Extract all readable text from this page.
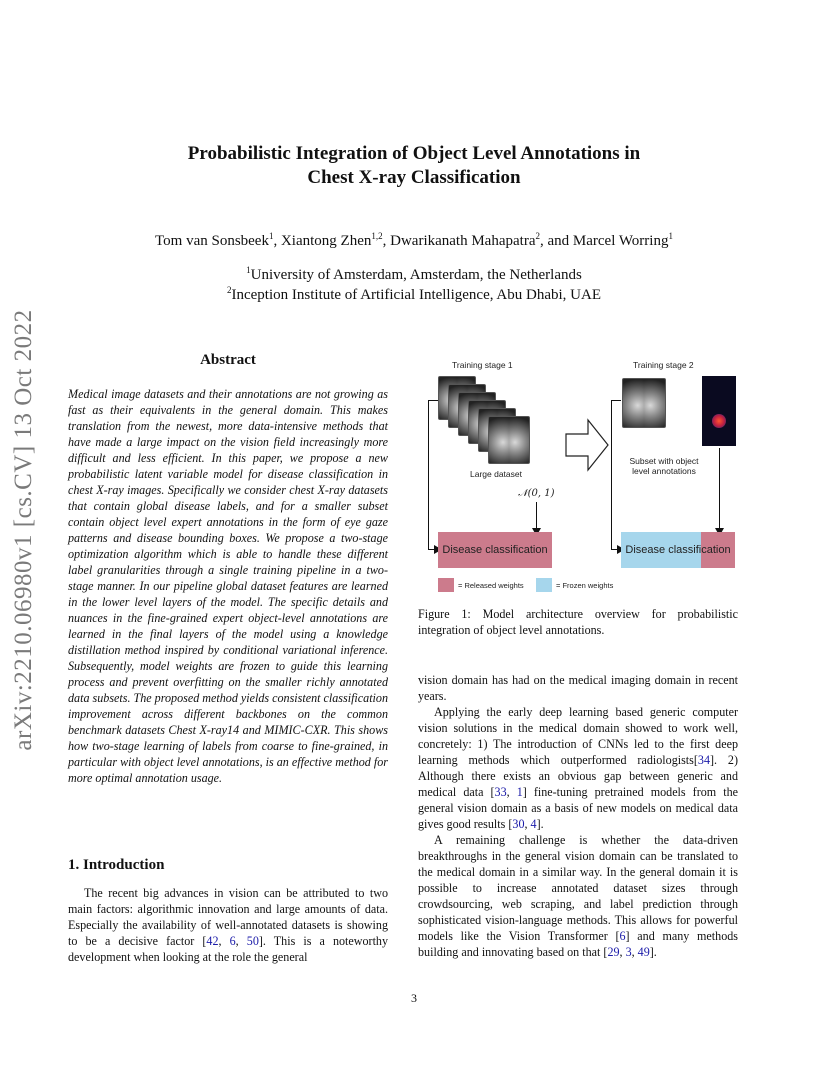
arXiv:2210.06980v1 [cs.CV] 13 Oct 2022
Probabilistic Integration of Object Level Annotations in
Chest X-ray Classification
Tom van Sonsbeek$^1$, Xiantong Zhen$^{1,2}$, Dwarikanath Mahapatra$^2$, and Marcel Worring$^1$
$^1$University of Amsterdam, Amsterdam, the Netherlands
$^2$Inception Institute of Artificial Intelligence, Abu Dhabi, UAE
Abstract
Medical image datasets and their annotations are not growing as fast as their equivalents in the general domain. This makes translation from the newest, more data-intensive methods that have made a large impact on the vision field increasingly more difficult and less efficient. In this paper, we propose a new probabilistic latent variable model for disease classification in chest X-ray images. Specifically we consider chest X-ray datasets that contain global disease labels, and for a smaller subset contain object level expert annotations in the form of eye gaze patterns and disease bounding boxes. We propose a two-stage optimization algorithm which is able to handle these different label granularities through a single training pipeline in a two-stage manner. In our pipeline global dataset features are learned in the lower level layers of the model. The specific details and nuances in the fine-grained expert object-level annotations are learned in the final layers of the model using a knowledge distillation method inspired by conditional variational inference. Subsequently, model weights are frozen to guide this learning process and prevent overfitting on the smaller richly annotated data subsets. The proposed method yields consistent classification improvement across different backbones on the common benchmark datasets Chest X-ray14 and MIMIC-CXR. This shows how two-stage learning of labels from coarse to fine-grained, in particular with object level annotations, is an effective method for more optimal annotation usage.
1. Introduction
The recent big advances in vision can be attributed to two main factors: algorithmic innovation and large amounts of data. Especially the availability of well-annotated datasets is showing to be a decisive factor [42, 6, 50]. This is a noteworthy development when looking at the role the general
Training stage 1	Training stage 2
Large dataset
𝒩(0, 1)
Subset with object
level annotations
Disease classification	Disease classification
= Released weights	= Frozen weights
Figure 1: Model architecture overview for probabilistic integration of object level annotations.

vision domain has had on the medical imaging domain in recent years.

Applying the early deep learning based generic computer vision solutions in the medical domain showed to work well, concretely: 1) The introduction of CNNs led to the first deep learning methods which outperformed radiologists[34]. 2) Although there exists an obvious gap between generic and medical data [33, 1] fine-tuning pretrained models from the general vision domain as a basis of new models on medical data gives good results [30, 4].

A remaining challenge is whether the data-driven breakthroughs in the general vision domain can be translated to the medical domain in a similar way. In the general domain it is possible to increase annotated dataset sizes through crowdsourcing, web scraping, and label prediction through sophisticated vision-language methods. This allows for powerful models like the Vision Transformer [6] and many methods building and innovating based on that [29, 3, 49].

3
